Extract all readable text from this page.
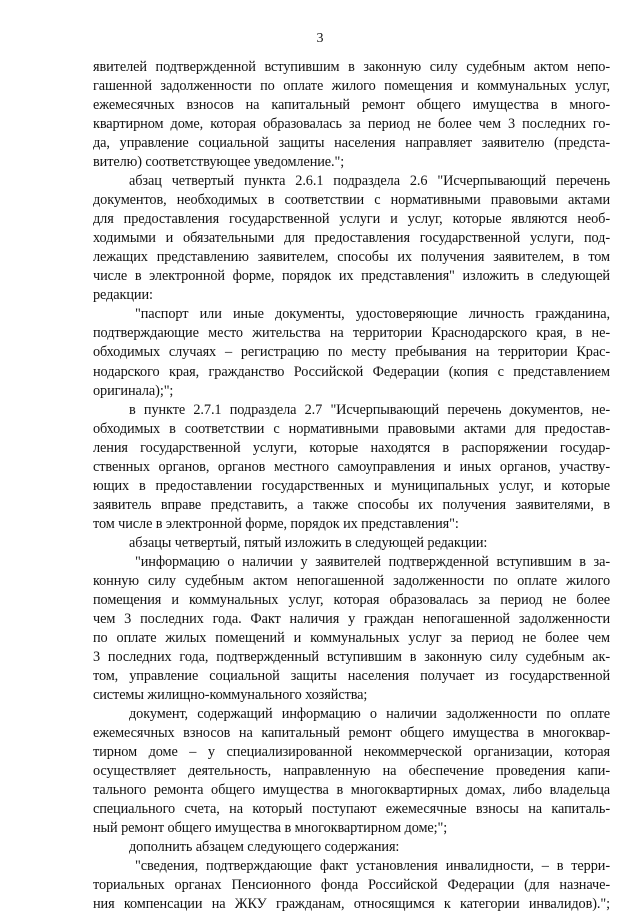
3
явителей подтвержденной вступившим в законную силу судебным актом непо-
гашенной задолженности по оплате жилого помещения и коммунальных услуг,
ежемесячных взносов на капитальный ремонт общего имущества в много-
квартирном доме, которая образовалась за период не более чем 3 последних го-
да, управление социальной защиты населения направляет заявителю (предста-
вителю) соответствующее уведомление.";
абзац четвертый пункта 2.6.1 подраздела 2.6 "Исчерпывающий перечень
документов, необходимых в соответствии с нормативными правовыми актами
для предоставления государственной услуги и услуг, которые являются необ-
ходимыми и обязательными для предоставления государственной услуги, под-
лежащих представлению заявителем, способы их получения заявителем, в том
числе в электронной форме, порядок их представления" изложить в следующей
редакции:
"паспорт или иные документы, удостоверяющие личность гражданина,
подтверждающие место жительства на территории Краснодарского края, в не-
обходимых случаях – регистрацию по месту пребывания на территории Крас-
нодарского края, гражданство Российской Федерации (копия с представлением
оригинала);";
в пункте 2.7.1 подраздела 2.7 "Исчерпывающий перечень документов, не-
обходимых в соответствии с нормативными правовыми актами для предостав-
ления государственной услуги, которые находятся в распоряжении государ-
ственных органов, органов местного самоуправления и иных органов, участву-
ющих в предоставлении государственных и муниципальных услуг, и которые
заявитель вправе представить, а также способы их получения заявителями, в
том числе в электронной форме, порядок их представления":
абзацы четвертый, пятый изложить в следующей редакции:
"информацию о наличии у заявителей подтвержденной вступившим в за-
конную силу судебным актом непогашенной задолженности по оплате жилого
помещения и коммунальных услуг, которая образовалась за период не более
чем 3 последних года. Факт наличия у граждан непогашенной задолженности
по оплате жилых помещений и коммунальных услуг за период не более чем
3 последних года, подтвержденный вступившим в законную силу судебным ак-
том, управление социальной защиты населения получает из государственной
системы жилищно-коммунального хозяйства;
документ, содержащий информацию о наличии задолженности по оплате
ежемесячных взносов на капитальный ремонт общего имущества в многоквар-
тирном доме – у специализированной некоммерческой организации, которая
осуществляет деятельность, направленную на обеспечение проведения капи-
тального ремонта общего имущества в многоквартирных домах, либо владельца
специального счета, на который поступают ежемесячные взносы на капиталь-
ный ремонт общего имущества в многоквартирном доме;";
дополнить абзацем следующего содержания:
"сведения, подтверждающие факт установления инвалидности, – в терри-
ториальных органах Пенсионного фонда Российской Федерации (для назначе-
ния компенсации на ЖКУ гражданам, относящимся к категории инвалидов).";
